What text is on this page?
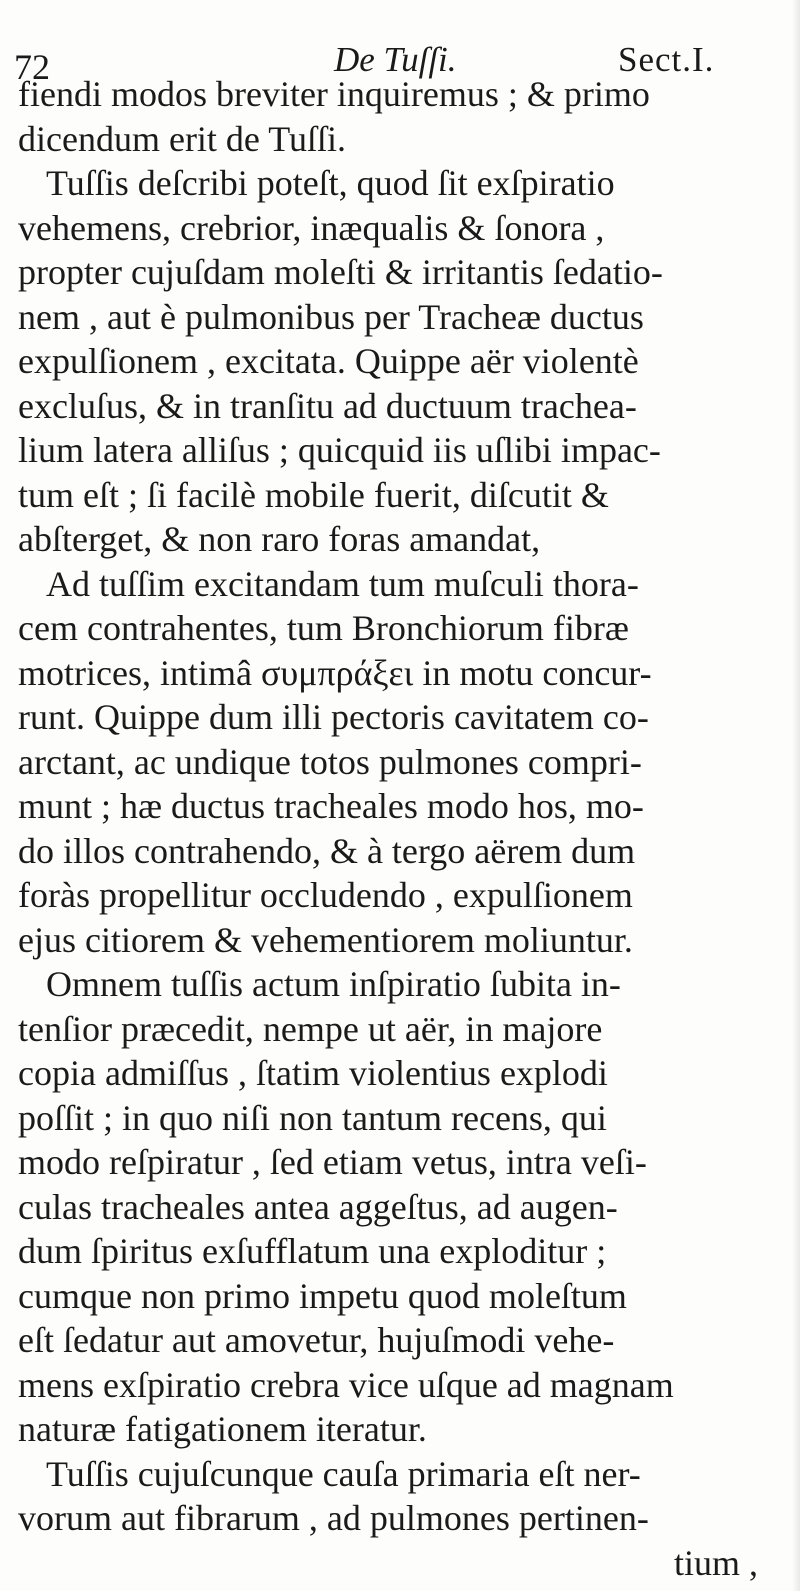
72	De Tuſſi.	Sect.I.
fiendi modos breviter inquiremus ; & primo
dicendum erit de Tuſſi.
Tuſſis deſcribi poteſt, quod ſit exſpiratio
vehemens, crebrior, inæqualis & ſonora ,
propter cujuſdam moleſti & irritantis ſedatio-
nem , aut è pulmonibus per Tracheæ ductus
expulſionem , excitata. Quippe aër violentè
excluſus, & in tranſitu ad ductuum trachea-
lium latera alliſus ; quicquid iis uſlibi impac-
tum eſt ; ſi facilè mobile fuerit, diſcutit &
abſterget, & non raro foras amandat,
Ad tuſſim excitandam tum muſculi thora-
cem contrahentes, tum Bronchiorum fibræ
motrices, intimâ συμπράξει in motu concur-
runt. Quippe dum illi pectoris cavitatem co-
arctant, ac undique totos pulmones compri-
munt ; hæ ductus tracheales modo hos, mo-
do illos contrahendo, & à tergo aërem dum
foràs propellitur occludendo , expulſionem
ejus citiorem & vehementiorem moliuntur.
Omnem tuſſis actum inſpiratio ſubita in-
tenſior præcedit, nempe ut aër, in majore
copia admiſſus , ſtatim violentius explodi
poſſit ; in quo niſi non tantum recens, qui
modo reſpiratur , ſed etiam vetus, intra veſi-
culas tracheales antea aggeſtus, ad augen-
dum ſpiritus exſufflatum una exploditur ;
cumque non primo impetu quod moleſtum
eſt ſedatur aut amovetur, hujuſmodi vehe-
mens exſpiratio crebra vice uſque ad magnam
naturæ fatigationem iteratur.
Tuſſis cujuſcunque cauſa primaria eſt ner-
vorum aut fibrarum , ad pulmones pertinen-
tium ,
